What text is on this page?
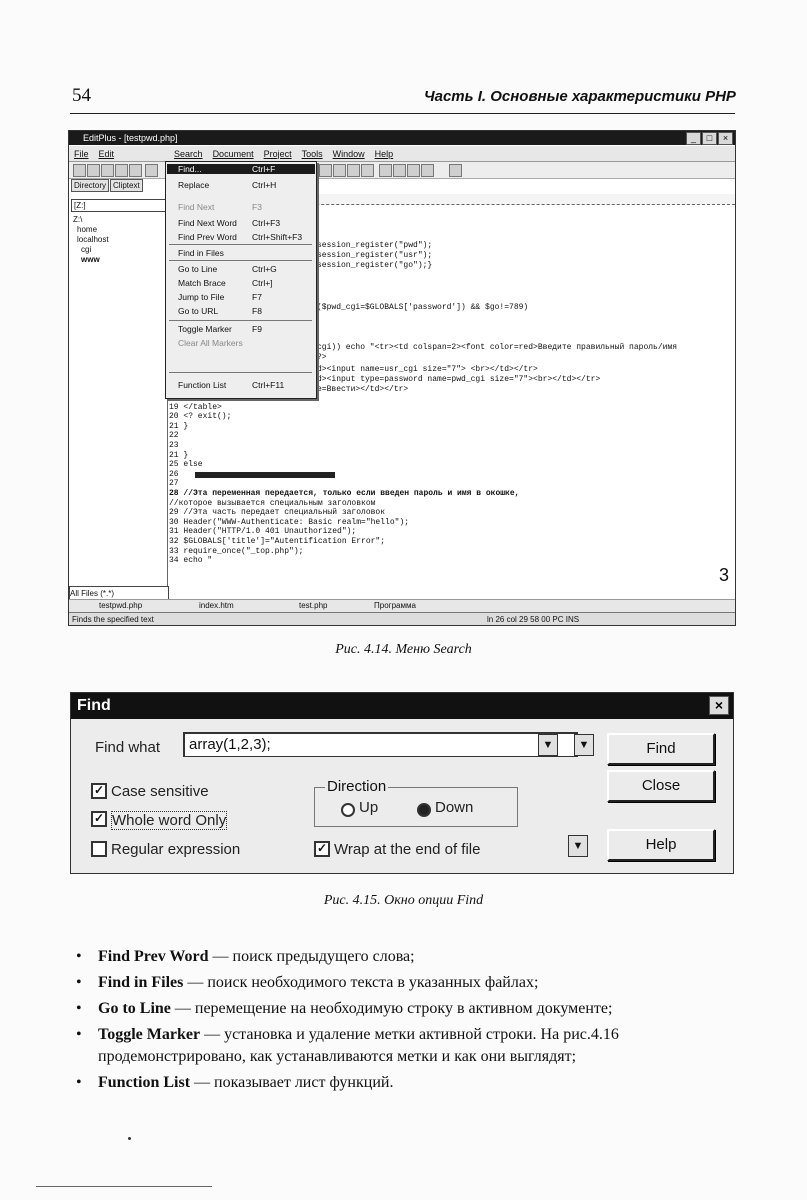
54	Часть I. Основные характеристики PHP
EditPlus - [testpwd.php]	_	□	×
File	Edit	Search	Document	Project	Tools	Window	Help
Directory Cliptext
[Z:]
Z:\
home
localhost
cgi
www
All Files (*.*)
session_register("pwd");
session_register("usr");
session_register("go");}
($pwd_cgi=$GLOBALS['password']) && $go!=789)
cgi)) echo "<tr><td colspan=2><font color=red>Введите правильный пароль/имя
?>
d><input name=usr_cgi size="7"> <br></td></tr>
d><input type=password name=pwd_cgi size="7"><br></td></tr>
e=Ввести></td></tr>
19 </table>
20 <? exit();
21 }
22
23
21 }
25 else
26
27
28 //Эта переменная передается, только если введен пароль и имя в окошке,
//которое вызывается специальным заголовком
29 //Эта часть передает специальный заголовок
30 Header("WWW-Authenticate: Basic realm="hello");
31 Header("HTTP/1.0 401 Unauthorized");
32 $GLOBALS['title']="Autentification Error";
33 require_once("_top.php");
34 echo "
3
Find...	Ctrl+F
Replace	Ctrl+H
Find Next	F3
Find Next Word Ctrl+F3
Find Prev Word Ctrl+Shift+F3
Find in Files
Go to Line	Ctrl+G
Match Brace	Ctrl+]
Jump to File	F7
Go to URL	F8
Toggle Marker F9
Clear All Markers
Function List	Ctrl+F11
testpwd.php	index.htm	test.php	Программа
Finds the specified text	ln 26 col 29 58 00 PC INS
Рис. 4.14. Меню Search
Find	×
Find what	array(1,2,3);	▼	▼	Find
Close
Help
✓ Case sensitive
✓ Whole word Only
Regular expression
Direction
Up	Down
✓ Wrap at the end of file	▼
Рис. 4.15. Окно опции Find
• Find Prev Word — поиск предыдущего слова;
• Find in Files — поиск необходимого текста в указанных файлах;
• Go to Line — перемещение на необходимую строку в активном документе;
• Toggle Marker — установка и удаление метки активной строки. На рис.4.16 продемонстрировано, как устанавливаются метки и как они выглядят;
• Function List — показывает лист функций.
